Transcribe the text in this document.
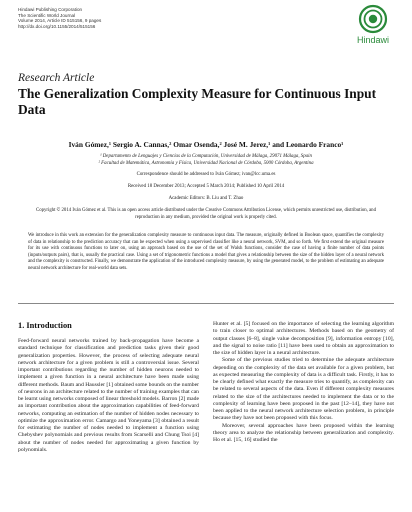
Hindawi Publishing Corporation
The Scientific World Journal
Volume 2014, Article ID 515156, 9 pages
http://dx.doi.org/10.1155/2014/515156
Hindawi
Research Article
The Generalization Complexity Measure for Continuous Input Data
Iván Gómez,¹ Sergio A. Cannas,² Omar Osenda,² José M. Jerez,¹ and Leonardo Franco¹
¹ Departamento de Lenguajes y Ciencias de la Computación, Universidad de Málaga, 29071 Málaga, Spain
² Facultad de Matemática, Astronomía y Física, Universidad Nacional de Córdoba, 5000 Córdoba, Argentina
Correspondence should be addressed to Iván Gómez; ivan@lcc.uma.es
Received 18 December 2013; Accepted 5 March 2014; Published 10 April 2014
Academic Editors: B. Liu and T. Zhao
Copyright © 2014 Iván Gómez et al. This is an open access article distributed under the Creative Commons Attribution License, which permits unrestricted use, distribution, and reproduction in any medium, provided the original work is properly cited.
We introduce in this work an extension for the generalization complexity measure to continuous input data. The measure, originally defined in Boolean space, quantifies the complexity of data in relationship to the prediction accuracy that can be expected when using a supervised classifier like a neural network, SVM, and so forth. We first extend the original measure for its use with continuous functions to later on, using an approach based on the use of the set of Walsh functions, consider the case of having a finite number of data points (inputs/outputs pairs), that is, usually the practical case. Using a set of trigonometric functions a model that gives a relationship between the size of the hidden layer of a neural network and the complexity is constructed. Finally, we demonstrate the application of the introduced complexity measure, by using the generated model, to the problem of estimating an adequate neural network architecture for real-world data sets.
1. Introduction

Feed-forward neural networks trained by back-propagation have become a standard technique for classification and prediction tasks given their good generalization properties. However, the process of selecting adequate neural network architecture for a given problem is still a controversial issue. Several important contributions regarding the number of hidden neurons needed to implement a given function in a neural architecture have been made using different methods. Baum and Haussler [1] obtained some bounds on the number of neurons in an architecture related to the number of training examples that can be learnt using networks composed of linear threshold models. Barron [2] made an important contribution about the approximation capabilities of feed-forward networks, computing an estimation of the number of hidden nodes necessary to optimize the approximation error. Camargo and Yoneyama [3] obtained a result for estimating the number of nodes needed to implement a function using Chebyshev polynomials and previous results from Scarselli and Chung Tsoi [4] about the number of nodes needed for approximating a given function by polynomials.

Hunter et al. [5] focused on the importance of selecting the learning algorithm to train closer to optimal architectures. Methods based on the geometry of output classes [6–8], single value decomposition [9], information entropy [10], and the signal to noise ratio [11] have been used to obtain an approximation to the size of hidden layer in a neural architecture.

Some of the previous studies tried to determine the adequate architecture depending on the complexity of the data set available for a given problem, but as expected measuring the complexity of data is a difficult task. Firstly, it has to be clearly defined what exactly the measure tries to quantify, as complexity can be related to several aspects of the data. Even if different complexity measures related to the size of the architectures needed to implement the data or to the complexity of learning have been proposed in the past [12–14], they have not been applied to the neural network architecture selection problem, in principle because they have not been proposed with this focus.

Moreover, several approaches have been proposed within the learning theory area to analyze the relationship between generalization and complexity. Ho et al. [15, 16] studied the
